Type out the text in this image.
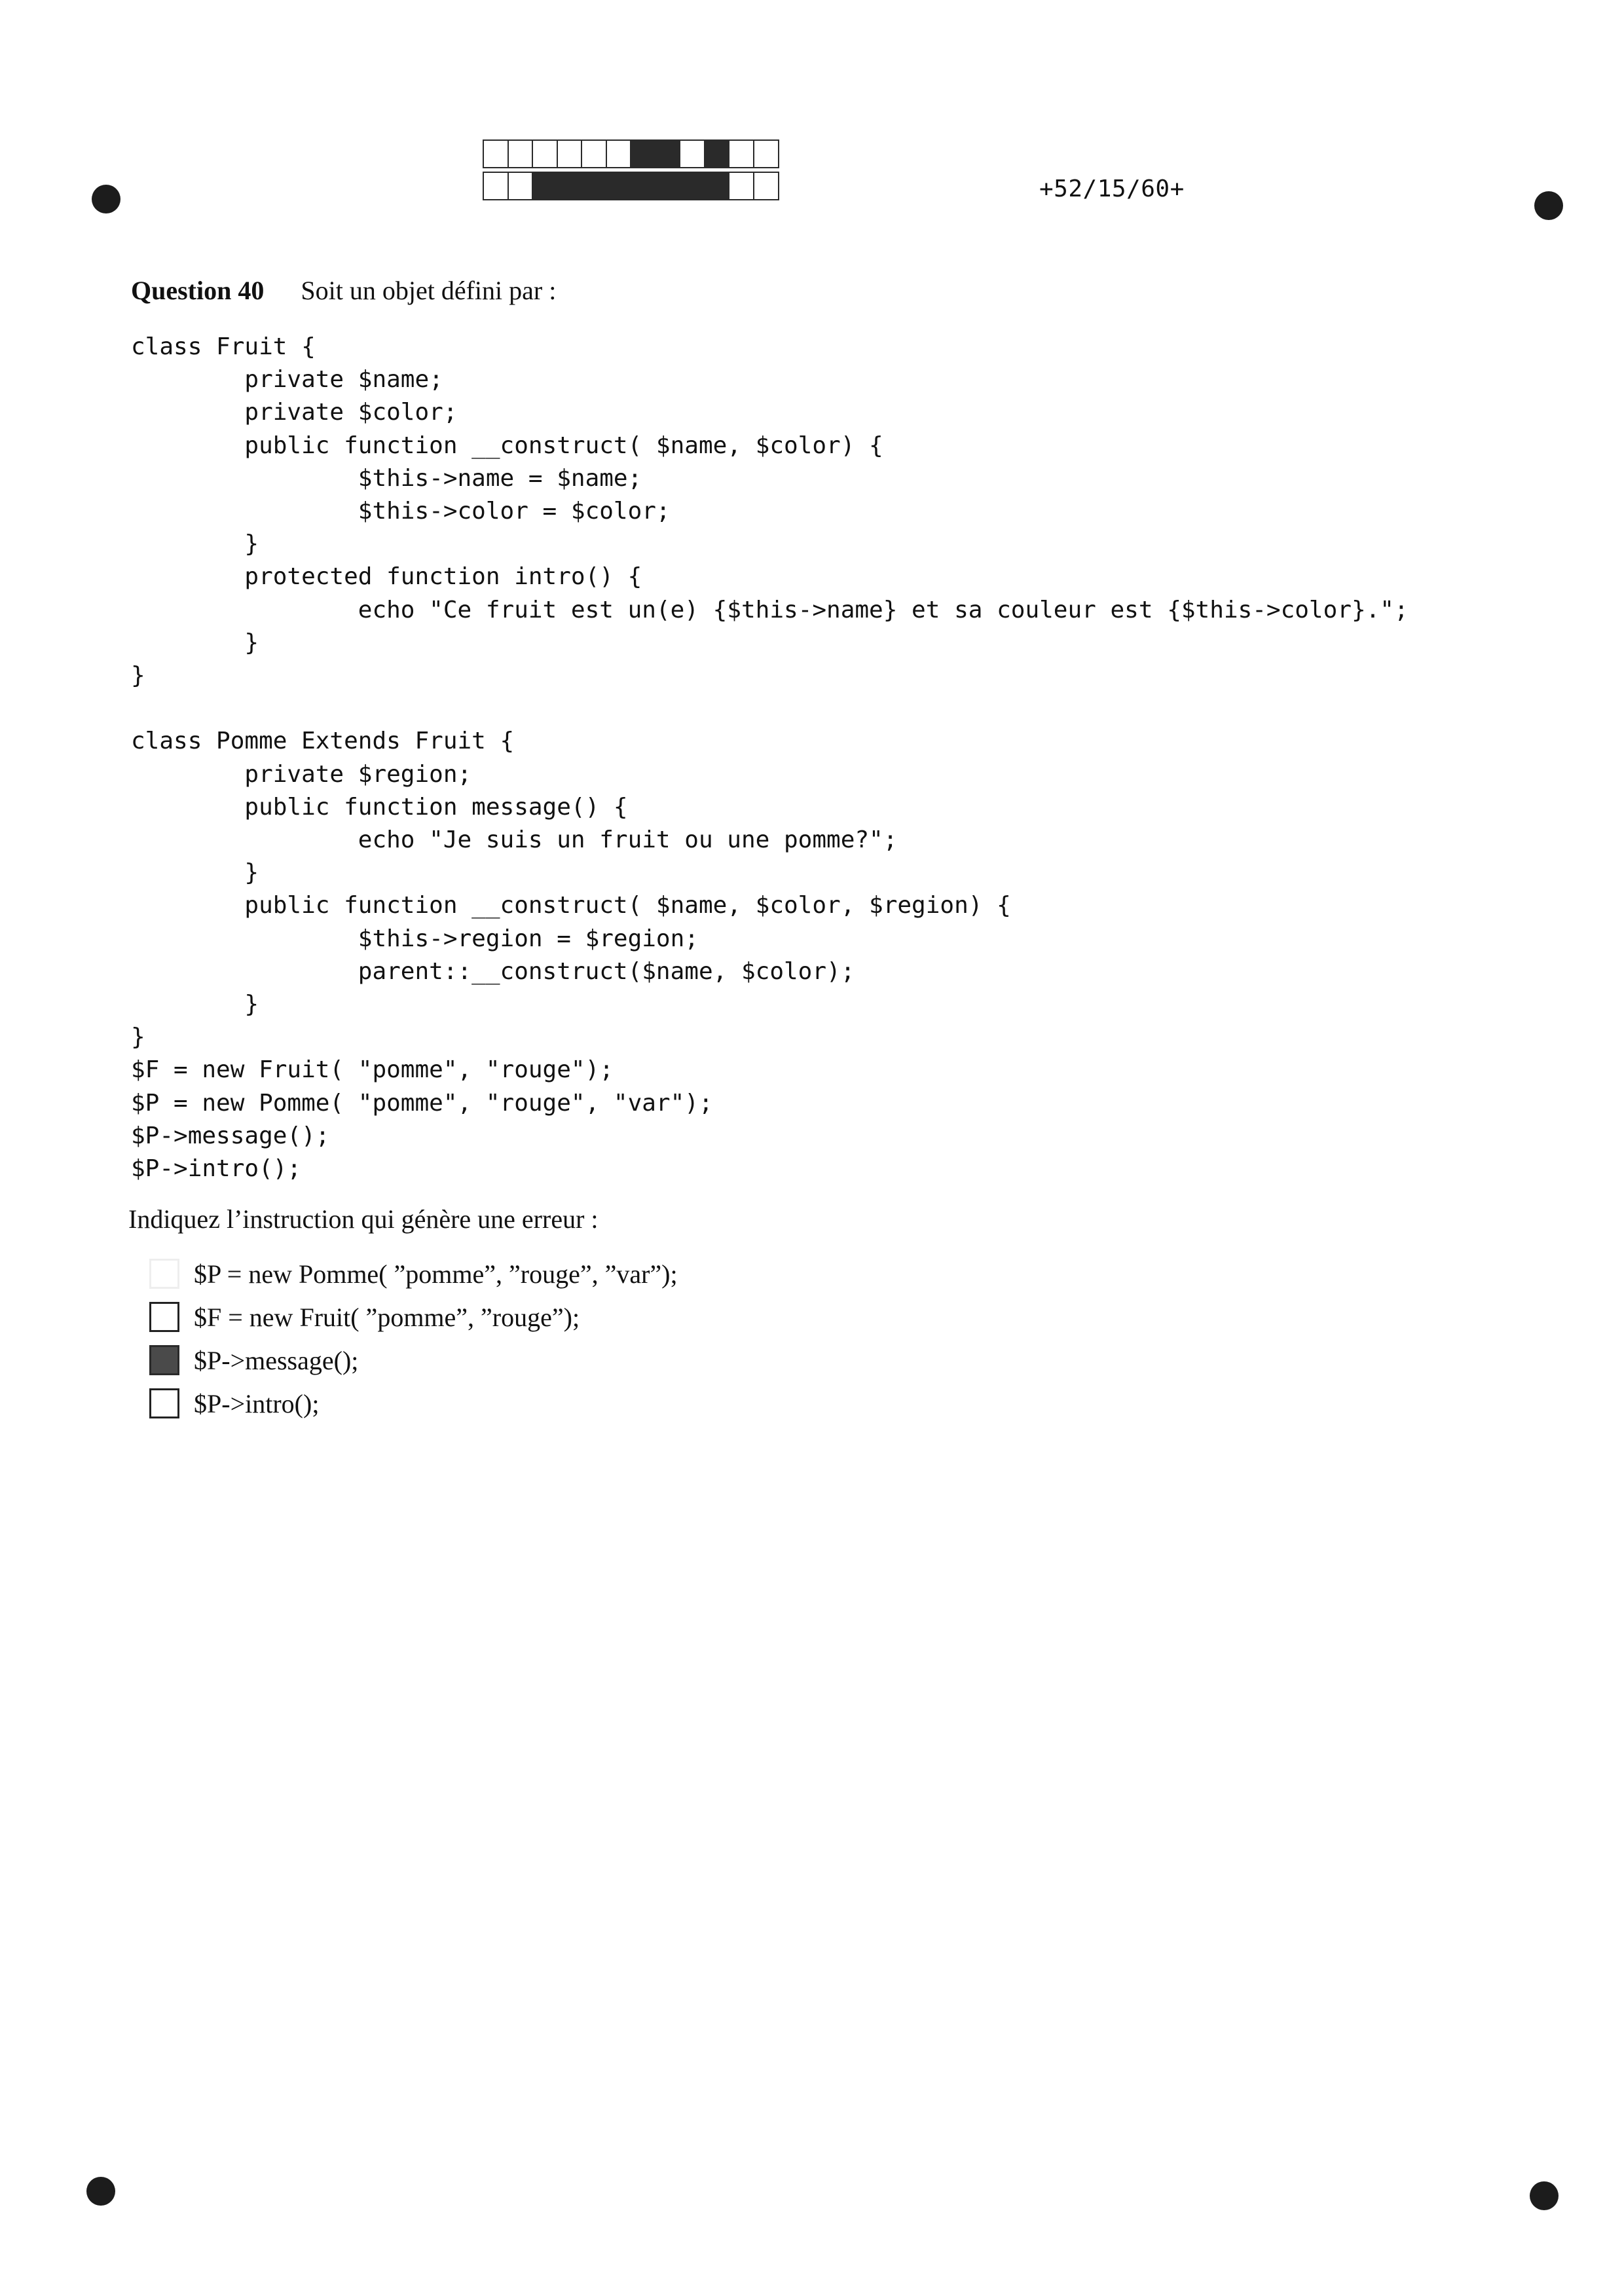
+52/15/60+
Question 40 Soit un objet défini par :
class Fruit {
private $name;
private $color;
public function __construct( $name, $color) {
$this->name = $name;
$this->color = $color;
}
protected function intro() {
echo "Ce fruit est un(e) {$this->name} et sa couleur est {$this->color}.";
}
}

class Pomme Extends Fruit {
private $region;
public function message() {
echo "Je suis un fruit ou une pomme?";
}
public function __construct( $name, $color, $region) {
$this->region = $region;
parent::__construct($name, $color);
}
}
$F = new Fruit( "pomme", "rouge");
$P = new Pomme( "pomme", "rouge", "var");
$P->message();
$P->intro();
Indiquez l’instruction qui génère une erreur :
$P = new Pomme( ”pomme”, ”rouge”, ”var”);
$F = new Fruit( ”pomme”, ”rouge”);
$P->message();
$P->intro();
